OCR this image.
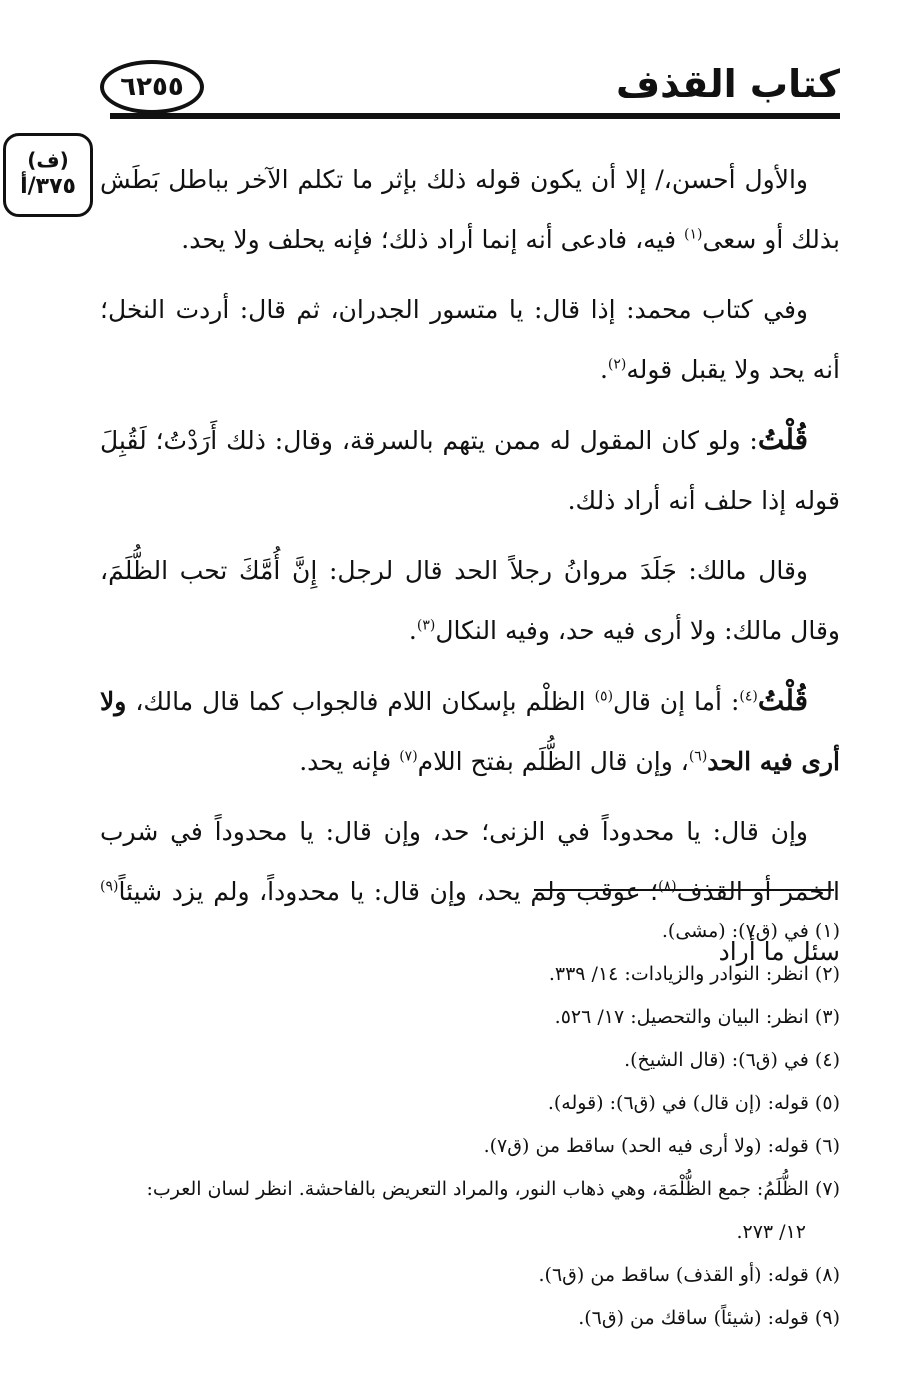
كتاب القذف
٦٢٥٥
(ف)
٣٧٥/أ والأول أحسن،/ إلا أن يكون قوله ذلك بإثر ما تكلم الآخر بباطل بَطَش بذلك أو سعى$^{(١)}$ فيه، فادعى أنه إنما أراد ذلك؛ فإنه يحلف ولا يحد.

وفي كتاب محمد: إذا قال: يا متسور الجدران، ثم قال: أردت النخل؛ أنه يحد ولا يقبل قوله$^{(٢)}$.

قُلْتُ: ولو كان المقول له ممن يتهم بالسرقة، وقال: ذلك أَرَدْتُ؛ لَقُبِلَ قوله إذا حلف أنه أراد ذلك.

وقال مالك: جَلَدَ مروانُ رجلاً الحد قال لرجل: إِنَّ أُمَّكَ تحب الظُّلَمَ، وقال مالك: ولا أرى فيه حد، وفيه النكال$^{(٣)}$.

قُلْتُ$^{(٤)}$: أما إن قال$^{(٥)}$ الظلْم بإسكان اللام فالجواب كما قال مالك، ولا أرى فيه الحد$^{(٦)}$، وإن قال الظُّلَم بفتح اللام$^{(٧)}$ فإنه يحد.

وإن قال: يا محدوداً في الزنى؛ حد، وإن قال: يا محدوداً في شرب الخمر أو القذف$^{(٨)}$؛ عوقب ولم يحد، وإن قال: يا محدوداً، ولم يزد شيئاً$^{(٩)}$ سئل ما أراد

(١) في (ق٧): (مشى).

(٢) انظر: النوادر والزيادات: ١٤/ ٣٣٩.

(٣) انظر: البيان والتحصيل: ١٧/ ٥٢٦.

(٤) في (ق٦): (قال الشيخ).

(٥) قوله: (إن قال) في (ق٦): (قوله).

(٦) قوله: (ولا أرى فيه الحد) ساقط من (ق٧).

(٧) الظُّلَمُ: جمع الظُّلْمَة، وهي ذهاب النور، والمراد التعريض بالفاحشة. انظر لسان العرب:

١٢/ ٢٧٣.

(٨) قوله: (أو القذف) ساقط من (ق٦).

(٩) قوله: (شيئاً) ساقك من (ق٦).
